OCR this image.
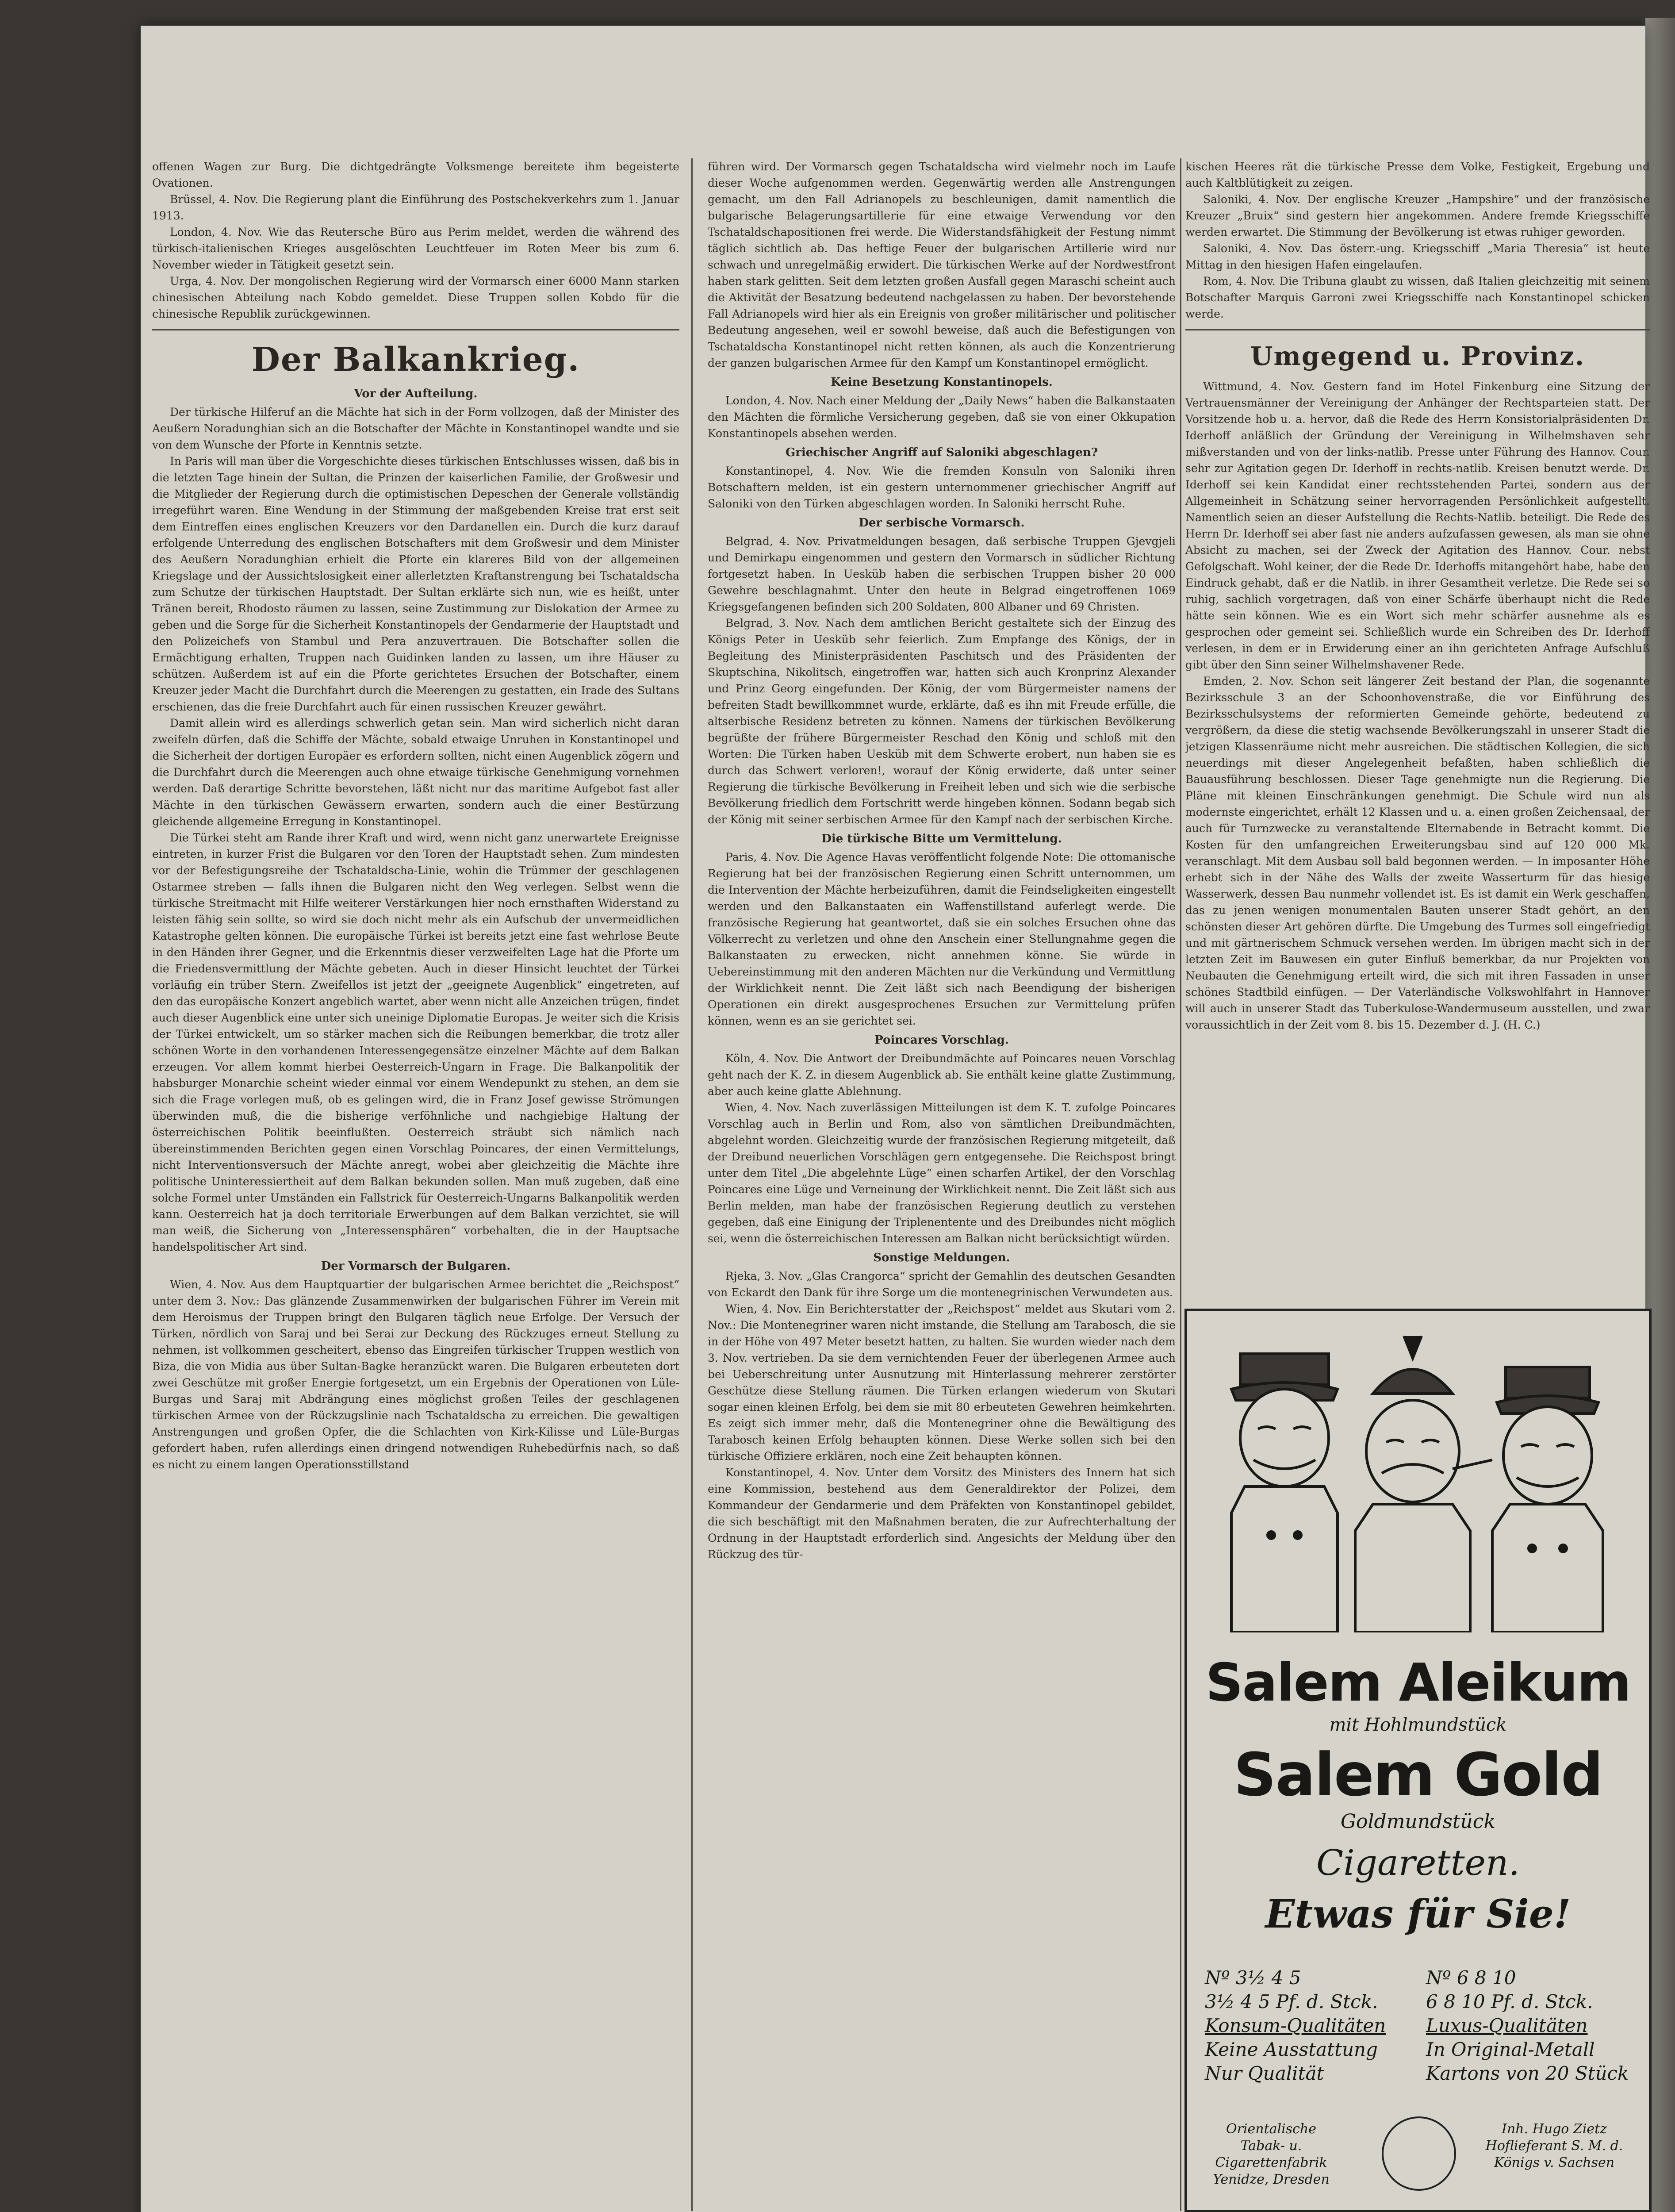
offenen Wagen zur Burg. Die dichtgedrängte Volksmenge bereitete ihm begeisterte Ovationen.

Brüssel, 4. Nov. Die Regierung plant die Einführung des Postschekverkehrs zum 1. Januar 1913.

London, 4. Nov. Wie das Reutersche Büro aus Perim meldet, werden die während des türkisch-italienischen Krieges ausgelöschten Leuchtfeuer im Roten Meer bis zum 6. November wieder in Tätigkeit gesetzt sein.

Urga, 4. Nov. Der mongolischen Regierung wird der Vormarsch einer 6000 Mann starken chinesischen Abteilung nach Kobdo gemeldet. Diese Truppen sollen Kobdo für die chinesische Republik zurückgewinnen.

Der Balkankrieg.
Vor der Aufteilung.

Der türkische Hilferuf an die Mächte hat sich in der Form vollzogen, daß der Minister des Aeußern Noradunghian sich an die Botschafter der Mächte in Konstantinopel wandte und sie von dem Wunsche der Pforte in Kenntnis setzte.

In Paris will man über die Vorgeschichte dieses türkischen Entschlusses wissen, daß bis in die letzten Tage hinein der Sultan, die Prinzen der kaiserlichen Familie, der Großwesir und die Mitglieder der Regierung durch die optimistischen Depeschen der Generale vollständig irregeführt waren. Eine Wendung in der Stimmung der maßgebenden Kreise trat erst seit dem Eintreffen eines englischen Kreuzers vor den Dardanellen ein. Durch die kurz darauf erfolgende Unterredung des englischen Botschafters mit dem Großwesir und dem Minister des Aeußern Noradunghian erhielt die Pforte ein klareres Bild von der allgemeinen Kriegslage und der Aussichtslosigkeit einer allerletzten Kraftanstrengung bei Tschataldscha zum Schutze der türkischen Hauptstadt. Der Sultan erklärte sich nun, wie es heißt, unter Tränen bereit, Rhodosto räumen zu lassen, seine Zustimmung zur Dislokation der Armee zu geben und die Sorge für die Sicherheit Konstantinopels der Gendarmerie der Hauptstadt und den Polizeichefs von Stambul und Pera anzuvertrauen. Die Botschafter sollen die Ermächtigung erhalten, Truppen nach Guidinken landen zu lassen, um ihre Häuser zu schützen. Außerdem ist auf ein die Pforte gerichtetes Ersuchen der Botschafter, einem Kreuzer jeder Macht die Durchfahrt durch die Meerengen zu gestatten, ein Irade des Sultans erschienen, das die freie Durchfahrt auch für einen russischen Kreuzer gewährt.

Damit allein wird es allerdings schwerlich getan sein. Man wird sicherlich nicht daran zweifeln dürfen, daß die Schiffe der Mächte, sobald etwaige Unruhen in Konstantinopel und die Sicherheit der dortigen Europäer es erfordern sollten, nicht einen Augenblick zögern und die Durchfahrt durch die Meerengen auch ohne etwaige türkische Genehmigung vornehmen werden. Daß derartige Schritte bevorstehen, läßt nicht nur das maritime Aufgebot fast aller Mächte in den türkischen Gewässern erwarten, sondern auch die einer Bestürzung gleichende allgemeine Erregung in Konstantinopel.

Die Türkei steht am Rande ihrer Kraft und wird, wenn nicht ganz unerwartete Ereignisse eintreten, in kurzer Frist die Bulgaren vor den Toren der Hauptstadt sehen. Zum mindesten vor der Befestigungsreihe der Tschataldscha-Linie, wohin die Trümmer der geschlagenen Ostarmee streben — falls ihnen die Bulgaren nicht den Weg verlegen. Selbst wenn die türkische Streitmacht mit Hilfe weiterer Verstärkungen hier noch ernsthaften Widerstand zu leisten fähig sein sollte, so wird sie doch nicht mehr als ein Aufschub der unvermeidlichen Katastrophe gelten können. Die europäische Türkei ist bereits jetzt eine fast wehrlose Beute in den Händen ihrer Gegner, und die Erkenntnis dieser verzweifelten Lage hat die Pforte um die Friedensvermittlung der Mächte gebeten. Auch in dieser Hinsicht leuchtet der Türkei vorläufig ein trüber Stern. Zweifellos ist jetzt der „geeignete Augenblick“ eingetreten, auf den das europäische Konzert angeblich wartet, aber wenn nicht alle Anzeichen trügen, findet auch dieser Augenblick eine unter sich uneinige Diplomatie Europas. Je weiter sich die Krisis der Türkei entwickelt, um so stärker machen sich die Reibungen bemerkbar, die trotz aller schönen Worte in den vorhandenen Interessengegensätze einzelner Mächte auf dem Balkan erzeugen. Vor allem kommt hierbei Oesterreich-Ungarn in Frage. Die Balkanpolitik der habsburger Monarchie scheint wieder einmal vor einem Wendepunkt zu stehen, an dem sie sich die Frage vorlegen muß, ob es gelingen wird, die in Franz Josef gewisse Strömungen überwinden muß, die die bisherige verföhnliche und nachgiebige Haltung der österreichischen Politik beeinflußten. Oesterreich sträubt sich nämlich nach übereinstimmenden Berichten gegen einen Vorschlag Poincares, der einen Vermittelungs, nicht Interventionsversuch der Mächte anregt, wobei aber gleichzeitig die Mächte ihre politische Uninteressiertheit auf dem Balkan bekunden sollen. Man muß zugeben, daß eine solche Formel unter Umständen ein Fallstrick für Oesterreich-Ungarns Balkanpolitik werden kann. Oesterreich hat ja doch territoriale Erwerbungen auf dem Balkan verzichtet, sie will man weiß, die Sicherung von „Interessensphären“ vorbehalten, die in der Hauptsache handelspolitischer Art sind.

Der Vormarsch der Bulgaren.

Wien, 4. Nov. Aus dem Hauptquartier der bulgarischen Armee berichtet die „Reichspost“ unter dem 3. Nov.: Das glänzende Zusammenwirken der bulgarischen Führer im Verein mit dem Heroismus der Truppen bringt den Bulgaren täglich neue Erfolge. Der Versuch der Türken, nördlich von Saraj und bei Serai zur Deckung des Rückzuges erneut Stellung zu nehmen, ist vollkommen gescheitert, ebenso das Eingreifen türkischer Truppen westlich von Biza, die von Midia aus über Sultan-Bagke heranzückt waren. Die Bulgaren erbeuteten dort zwei Geschütze mit großer Energie fortgesetzt, um ein Ergebnis der Operationen von Lüle-Burgas und Saraj mit Abdrängung eines möglichst großen Teiles der geschlagenen türkischen Armee von der Rückzugslinie nach Tschataldscha zu erreichen. Die gewaltigen Anstrengungen und großen Opfer, die die Schlachten von Kirk-Kilisse und Lüle-Burgas gefordert haben, rufen allerdings einen dringend notwendigen Ruhebedürfnis nach, so daß es nicht zu einem langen Operationsstillstand

führen wird. Der Vormarsch gegen Tschataldscha wird vielmehr noch im Laufe dieser Woche aufgenommen werden. Gegenwärtig werden alle Anstrengungen gemacht, um den Fall Adrianopels zu beschleunigen, damit namentlich die bulgarische Belagerungsartillerie für eine etwaige Verwendung vor den Tschataldschapositionen frei werde. Die Widerstandsfähigkeit der Festung nimmt täglich sichtlich ab. Das heftige Feuer der bulgarischen Artillerie wird nur schwach und unregelmäßig erwidert. Die türkischen Werke auf der Nordwestfront haben stark gelitten. Seit dem letzten großen Ausfall gegen Maraschi scheint auch die Aktivität der Besatzung bedeutend nachgelassen zu haben. Der bevorstehende Fall Adrianopels wird hier als ein Ereignis von großer militärischer und politischer Bedeutung angesehen, weil er sowohl beweise, daß auch die Befestigungen von Tschataldscha Konstantinopel nicht retten können, als auch die Konzentrierung der ganzen bulgarischen Armee für den Kampf um Konstantinopel ermöglicht.

Keine Besetzung Konstantinopels.

London, 4. Nov. Nach einer Meldung der „Daily News“ haben die Balkanstaaten den Mächten die förmliche Versicherung gegeben, daß sie von einer Okkupation Konstantinopels absehen werden.

Griechischer Angriff auf Saloniki abgeschlagen?

Konstantinopel, 4. Nov. Wie die fremden Konsuln von Saloniki ihren Botschaftern melden, ist ein gestern unternommener griechischer Angriff auf Saloniki von den Türken abgeschlagen worden. In Saloniki herrscht Ruhe.

Der serbische Vormarsch.

Belgrad, 4. Nov. Privatmeldungen besagen, daß serbische Truppen Gjevgjeli und Demirkapu eingenommen und gestern den Vormarsch in südlicher Richtung fortgesetzt haben. In Uesküb haben die serbischen Truppen bisher 20 000 Gewehre beschlagnahmt. Unter den heute in Belgrad eingetroffenen 1069 Kriegsgefangenen befinden sich 200 Soldaten, 800 Albaner und 69 Christen.

Belgrad, 3. Nov. Nach dem amtlichen Bericht gestaltete sich der Einzug des Königs Peter in Uesküb sehr feierlich. Zum Empfange des Königs, der in Begleitung des Ministerpräsidenten Paschitsch und des Präsidenten der Skuptschina, Nikolitsch, eingetroffen war, hatten sich auch Kronprinz Alexander und Prinz Georg eingefunden. Der König, der vom Bürgermeister namens der befreiten Stadt bewillkommnet wurde, erklärte, daß es ihn mit Freude erfülle, die altserbische Residenz betreten zu können. Namens der türkischen Bevölkerung begrüßte der frühere Bürgermeister Reschad den König und schloß mit den Worten: Die Türken haben Uesküb mit dem Schwerte erobert, nun haben sie es durch das Schwert verloren!, worauf der König erwiderte, daß unter seiner Regierung die türkische Bevölkerung in Freiheit leben und sich wie die serbische Bevölkerung friedlich dem Fortschritt werde hingeben können. Sodann begab sich der König mit seiner serbischen Armee für den Kampf nach der serbischen Kirche.

Die türkische Bitte um Vermittelung.

Paris, 4. Nov. Die Agence Havas veröffentlicht folgende Note: Die ottomanische Regierung hat bei der französischen Regierung einen Schritt unternommen, um die Intervention der Mächte herbeizuführen, damit die Feindseligkeiten eingestellt werden und den Balkanstaaten ein Waffenstillstand auferlegt werde. Die französische Regierung hat geantwortet, daß sie ein solches Ersuchen ohne das Völkerrecht zu verletzen und ohne den Anschein einer Stellungnahme gegen die Balkanstaaten zu erwecken, nicht annehmen könne. Sie würde in Uebereinstimmung mit den anderen Mächten nur die Verkündung und Vermittlung der Wirklichkeit nennt. Die Zeit läßt sich nach Beendigung der bisherigen Operationen ein direkt ausgesprochenes Ersuchen zur Vermittelung prüfen können, wenn es an sie gerichtet sei.

Poincares Vorschlag.

Köln, 4. Nov. Die Antwort der Dreibundmächte auf Poincares neuen Vorschlag geht nach der K. Z. in diesem Augenblick ab. Sie enthält keine glatte Zustimmung, aber auch keine glatte Ablehnung.

Wien, 4. Nov. Nach zuverlässigen Mitteilungen ist dem K. T. zufolge Poincares Vorschlag auch in Berlin und Rom, also von sämtlichen Dreibundmächten, abgelehnt worden. Gleichzeitig wurde der französischen Regierung mitgeteilt, daß der Dreibund neuerlichen Vorschlägen gern entgegensehe. Die Reichspost bringt unter dem Titel „Die abgelehnte Lüge“ einen scharfen Artikel, der den Vorschlag Poincares eine Lüge und Verneinung der Wirklichkeit nennt. Die Zeit läßt sich aus Berlin melden, man habe der französischen Regierung deutlich zu verstehen gegeben, daß eine Einigung der Triplenentente und des Dreibundes nicht möglich sei, wenn die österreichischen Interessen am Balkan nicht berücksichtigt würden.

Sonstige Meldungen.

Rjeka, 3. Nov. „Glas Crangorca“ spricht der Gemahlin des deutschen Gesandten von Eckardt den Dank für ihre Sorge um die montenegrinischen Verwundeten aus.

Wien, 4. Nov. Ein Berichterstatter der „Reichspost“ meldet aus Skutari vom 2. Nov.: Die Montenegriner waren nicht imstande, die Stellung am Tarabosch, die sie in der Höhe von 497 Meter besetzt hatten, zu halten. Sie wurden wieder nach dem 3. Nov. vertrieben. Da sie dem vernichtenden Feuer der überlegenen Armee auch bei Ueberschreitung unter Ausnutzung mit Hinterlassung mehrerer zerstörter Geschütze diese Stellung räumen. Die Türken erlangen wiederum von Skutari sogar einen kleinen Erfolg, bei dem sie mit 80 erbeuteten Gewehren heimkehrten. Es zeigt sich immer mehr, daß die Montenegriner ohne die Bewältigung des Tarabosch keinen Erfolg behaupten können. Diese Werke sollen sich bei den türkische Offiziere erklären, noch eine Zeit behaupten können.

Konstantinopel, 4. Nov. Unter dem Vorsitz des Ministers des Innern hat sich eine Kommission, bestehend aus dem Generaldirektor der Polizei, dem Kommandeur der Gendarmerie und dem Präfekten von Konstantinopel gebildet, die sich beschäftigt mit den Maßnahmen beraten, die zur Aufrechterhaltung der Ordnung in der Hauptstadt erforderlich sind. Angesichts der Meldung über den Rückzug des tür-

kischen Heeres rät die türkische Presse dem Volke, Festigkeit, Ergebung und auch Kaltblütigkeit zu zeigen.

Saloniki, 4. Nov. Der englische Kreuzer „Hampshire“ und der französische Kreuzer „Bruix“ sind gestern hier angekommen. Andere fremde Kriegsschiffe werden erwartet. Die Stimmung der Bevölkerung ist etwas ruhiger geworden.

Saloniki, 4. Nov. Das österr.-ung. Kriegsschiff „Maria Theresia“ ist heute Mittag in den hiesigen Hafen eingelaufen.

Rom, 4. Nov. Die Tribuna glaubt zu wissen, daß Italien gleichzeitig mit seinem Botschafter Marquis Garroni zwei Kriegsschiffe nach Konstantinopel schicken werde.

Umgegend u. Provinz.

Wittmund, 4. Nov. Gestern fand im Hotel Finkenburg eine Sitzung der Vertrauensmänner der Vereinigung der Anhänger der Rechtsparteien statt. Der Vorsitzende hob u. a. hervor, daß die Rede des Herrn Konsistorialpräsidenten Dr. Iderhoff anläßlich der Gründung der Vereinigung in Wilhelmshaven sehr mißverstanden und von der links-natlib. Presse unter Führung des Hannov. Cour. sehr zur Agitation gegen Dr. Iderhoff in rechts-natlib. Kreisen benutzt werde. Dr. Iderhoff sei kein Kandidat einer rechtsstehenden Partei, sondern aus der Allgemeinheit in Schätzung seiner hervorragenden Persönlichkeit aufgestellt. Namentlich seien an dieser Aufstellung die Rechts-Natlib. beteiligt. Die Rede des Herrn Dr. Iderhoff sei aber fast nie anders aufzufassen gewesen, als man sie ohne Absicht zu machen, sei der Zweck der Agitation des Hannov. Cour. nebst Gefolgschaft. Wohl keiner, der die Rede Dr. Iderhoffs mitangehört habe, habe den Eindruck gehabt, daß er die Natlib. in ihrer Gesamtheit verletze. Die Rede sei so ruhig, sachlich vorgetragen, daß von einer Schärfe überhaupt nicht die Rede hätte sein können. Wie es ein Wort sich mehr schärfer ausnehme als es gesprochen oder gemeint sei. Schließlich wurde ein Schreiben des Dr. Iderhoff verlesen, in dem er in Erwiderung einer an ihn gerichteten Anfrage Aufschluß gibt über den Sinn seiner Wilhelmshavener Rede.

Emden, 2. Nov. Schon seit längerer Zeit bestand der Plan, die sogenannte Bezirksschule 3 an der Schoonhovenstraße, die vor Einführung des Bezirksschulsystems der reformierten Gemeinde gehörte, bedeutend zu vergrößern, da diese die stetig wachsende Bevölkerungszahl in unserer Stadt die jetzigen Klassenräume nicht mehr ausreichen. Die städtischen Kollegien, die sich neuerdings mit dieser Angelegenheit befaßten, haben schließlich die Bauausführung beschlossen. Dieser Tage genehmigte nun die Regierung. Die Pläne mit kleinen Einschränkungen genehmigt. Die Schule wird nun als modernste eingerichtet, erhält 12 Klassen und u. a. einen großen Zeichensaal, der auch für Turnzwecke zu veranstaltende Elternabende in Betracht kommt. Die Kosten für den umfangreichen Erweiterungsbau sind auf 120 000 Mk. veranschlagt. Mit dem Ausbau soll bald begonnen werden. — In imposanter Höhe erhebt sich in der Nähe des Walls der zweite Wasserturm für das hiesige Wasserwerk, dessen Bau nunmehr vollendet ist. Es ist damit ein Werk geschaffen, das zu jenen wenigen monumentalen Bauten unserer Stadt gehört, an den schönsten dieser Art gehören dürfte. Die Umgebung des Turmes soll eingefriedigt und mit gärtnerischem Schmuck versehen werden. Im übrigen macht sich in der letzten Zeit im Bauwesen ein guter Einfluß bemerkbar, da nur Projekten von Neubauten die Genehmigung erteilt wird, die sich mit ihren Fassaden in unser schönes Stadtbild einfügen. — Der Vaterländische Volkswohlfahrt in Hannover will auch in unserer Stadt das Tuberkulose-Wandermuseum ausstellen, und zwar voraussichtlich in der Zeit vom 8. bis 15. Dezember d. J. (H. C.)

Salem Aleikum
mit Hohlmundstück
Salem Gold
Goldmundstück
Cigaretten.
Etwas für Sie!
Nº 3½ 4 5
3½ 4 5 Pf. d. Stck.
Konsum-Qualitäten
Keine Ausstattung
Nur Qualität
Nº 6 8 10
6 8 10 Pf. d. Stck.
Luxus-Qualitäten
In Original-Metall
Kartons von 20 Stück
Orientalische Tabak- u. Cigarettenfabrik Yenidze, Dresden
Inh. Hugo Zietz Hoflieferant S. M. d. Königs v. Sachsen
